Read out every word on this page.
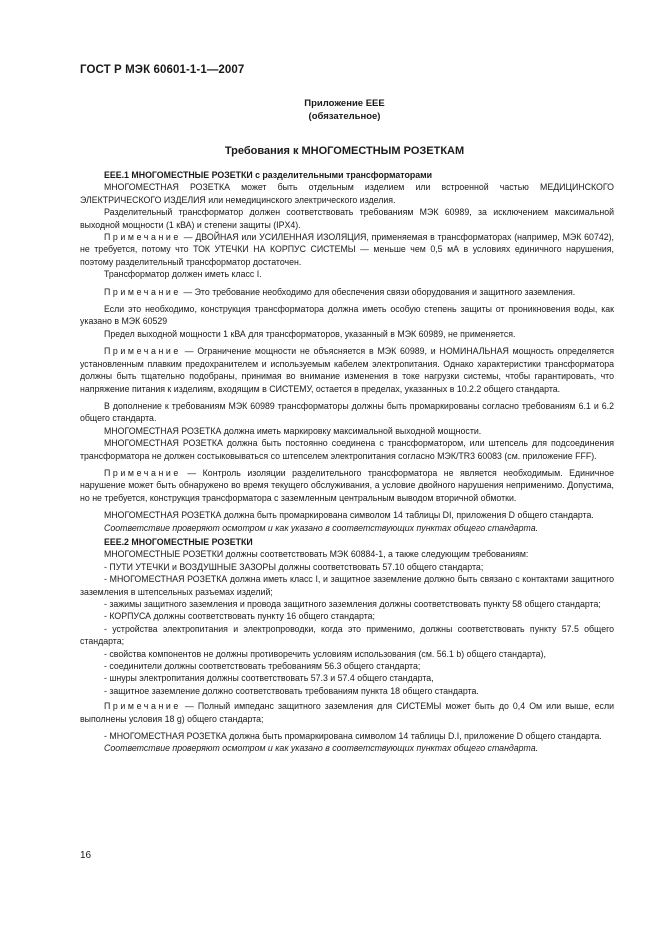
ГОСТ Р МЭК 60601-1-1—2007
Приложение EEE
(обязательное)
Требования к МНОГОМЕСТНЫМ РОЗЕТКАМ

EEE.1 МНОГОМЕСТНЫЕ РОЗЕТКИ с разделительными трансформаторами

МНОГОМЕСТНАЯ РОЗЕТКА может быть отдельным изделием или встроенной частью МЕДИЦИНСКОГО ЭЛЕКТРИЧЕСКОГО ИЗДЕЛИЯ или немедицинского электрического изделия.

Разделительный трансформатор должен соответствовать требованиям МЭК 60989, за исключением максимальной выходной мощности (1 кВА) и степени защиты (IPX4).

Примечание — ДВОЙНАЯ или УСИЛЕННАЯ ИЗОЛЯЦИЯ, применяемая в трансформаторах (например, МЭК 60742), не требуется, потому что ТОК УТЕЧКИ НА КОРПУС СИСТЕМЫ — меньше чем 0,5 мА в условиях единичного нарушения, поэтому разделительный трансформатор достаточен.

Трансформатор должен иметь класс I.

Примечание — Это требование необходимо для обеспечения связи оборудования и защитного заземления.

Если это необходимо, конструкция трансформатора должна иметь особую степень защиты от проникновения воды, как указано в МЭК 60529

Предел выходной мощности 1 кВА для трансформаторов, указанный в МЭК 60989, не применяется.

Примечание — Ограничение мощности не объясняется в МЭК 60989, и НОМИНАЛЬНАЯ мощность определяется установленным плавким предохранителем и используемым кабелем электропитания. Однако характеристики трансформатора должны быть тщательно подобраны, принимая во внимание изменения в токе нагрузки системы, чтобы гарантировать, что напряжение питания к изделиям, входящим в СИСТЕМУ, остается в пределах, указанных в 10.2.2 общего стандарта.

В дополнение к требованиям МЭК 60989 трансформаторы должны быть промаркированы согласно требованиям 6.1 и 6.2 общего стандарта.

МНОГОМЕСТНАЯ РОЗЕТКА должна иметь маркировку максимальной выходной мощности.

МНОГОМЕСТНАЯ РОЗЕТКА должна быть постоянно соединена с трансформатором, или штепсель для подсоединения трансформатора не должен состыковываться со штепселем электропитания согласно МЭК/TR3 60083 (см. приложение FFF).

Примечание — Контроль изоляции разделительного трансформатора не является необходимым. Единичное нарушение может быть обнаружено во время текущего обслуживания, а условие двойного нарушения неприменимо. Допустима, но не требуется, конструкция трансформатора с заземленным центральным выводом вторичной обмотки.

МНОГОМЕСТНАЯ РОЗЕТКА должна быть промаркирована символом 14 таблицы DI, приложения D общего стандарта.

Соответствие проверяют осмотром и как указано в соответствующих пунктах общего стандарта.

EEE.2 МНОГОМЕСТНЫЕ РОЗЕТКИ

МНОГОМЕСТНЫЕ РОЗЕТКИ должны соответствовать МЭК 60884-1, а также следующим требованиям:

- ПУТИ УТЕЧКИ и ВОЗДУШНЫЕ ЗАЗОРЫ должны соответствовать 57.10 общего стандарта;

- МНОГОМЕСТНАЯ РОЗЕТКА должна иметь класс I, и защитное заземление должно быть связано с контактами защитного заземления в штепсельных разъемах изделий;

- зажимы защитного заземления и провода защитного заземления должны соответствовать пункту 58 общего стандарта;

- КОРПУСА должны соответствовать пункту 16 общего стандарта;

- устройства электропитания и электропроводки, когда это применимо, должны соответствовать пункту 57.5 общего стандарта;

- свойства компонентов не должны противоречить условиям использования (см. 56.1 b) общего стандарта),

- соединители должны соответствовать требованиям 56.3 общего стандарта;

- шнуры электропитания должны соответствовать 57.3 и 57.4 общего стандарта,

- защитное заземление должно соответствовать требованиям пункта 18 общего стандарта.

Примечание — Полный импеданс защитного заземления для СИСТЕМЫ может быть до 0,4 Ом или выше, если выполнены условия 18 g) общего стандарта;

- МНОГОМЕСТНАЯ РОЗЕТКА должна быть промаркирована символом 14 таблицы D.I, приложение D общего стандарта.

Соответствие проверяют осмотром и как указано в соответствующих пунктах общего стандарта.

16
